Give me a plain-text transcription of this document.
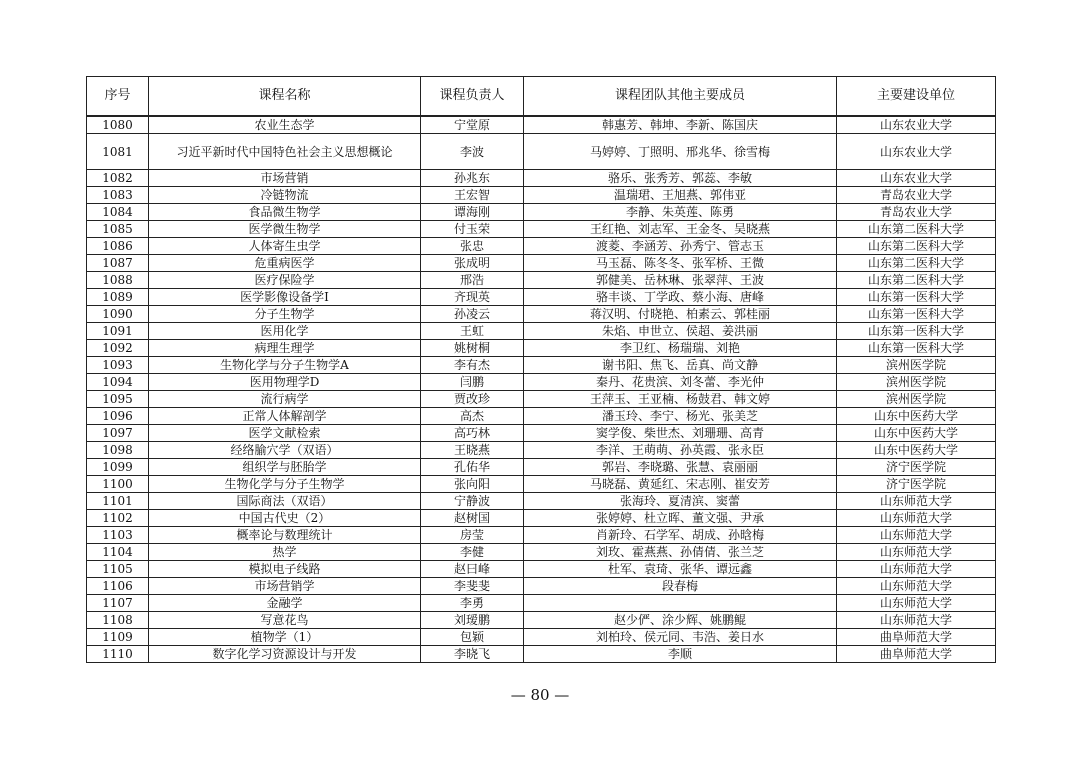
序号	课程名称	课程负责人	课程团队其他主要成员	主要建设单位
1080	农业生态学	宁堂原	韩惠芳、韩坤、李新、陈国庆	山东农业大学
1081	习近平新时代中国特色社会主义思想概论	李波	马婷婷、丁照明、邢兆华、徐雪梅	山东农业大学
1082	市场营销	孙兆东	骆乐、张秀芳、郭蕊、李敏	山东农业大学
1083	冷链物流	王宏智	温瑞珺、王旭燕、郭伟亚	青岛农业大学
1084	食品微生物学	谭海刚	李静、朱英莲、陈勇	青岛农业大学
1085	医学微生物学	付玉荣	王红艳、刘志军、王金冬、吴晓燕	山东第二医科大学
1086	人体寄生虫学	张忠	渡菱、李涵芳、孙秀宁、管志玉	山东第二医科大学
1087	危重病医学	张成明	马玉磊、陈冬冬、张军桥、王微	山东第二医科大学
1088	医疗保险学	邢浩	郭健美、岳林琳、张翠萍、王波	山东第二医科大学
1089	医学影像设备学I	齐现英	骆丰谈、丁学政、蔡小海、唐峰	山东第一医科大学
1090	分子生物学	孙凌云	蒋汉明、付晓艳、柏素云、郭桂丽	山东第一医科大学
1091	医用化学	王虹	朱焰、申世立、侯超、姜洪丽	山东第一医科大学
1092	病理生理学	姚树桐	李卫红、杨瑞瑞、刘艳	山东第一医科大学
1093	生物化学与分子生物学A	李有杰	谢书阳、焦飞、岳真、尚文静	滨州医学院
1094	医用物理学D	闫鹏	秦丹、花贵滨、刘冬蕾、李光仲	滨州医学院
1095	流行病学	贾改珍	王萍玉、王亚楠、杨鼓君、韩文婷	滨州医学院
1096	正常人体解剖学	高杰	潘玉玲、李宁、杨光、张美芝	山东中医药大学
1097	医学文献检索	高巧林	窦学俊、柴世杰、刘珊珊、高青	山东中医药大学
1098	经络腧穴学（双语）	王晓燕	李洋、王萌萌、孙英霞、张永臣	山东中医药大学
1099	组织学与胚胎学	孔佑华	郭岩、李晓璐、张慧、袁丽丽	济宁医学院
1100	生物化学与分子生物学	张向阳	马晓磊、黄延红、宋志刚、崔安芳	济宁医学院
1101	国际商法（双语）	宁静波	张海玲、夏清滨、窦蕾	山东师范大学
1102	中国古代史（2）	赵树国	张婷婷、杜立晖、董文强、尹承	山东师范大学
1103	概率论与数理统计	房莹	肖新玲、石学军、胡成、孙晗梅	山东师范大学
1104	热学	李健	刘玫、霍燕燕、孙倩倩、张兰芝	山东师范大学
1105	模拟电子线路	赵曰峰	杜军、袁琦、张华、谭远鑫	山东师范大学
1106	市场营销学	李斐斐	段春梅	山东师范大学
1107	金融学	李勇		山东师范大学
1108	写意花鸟	刘瑷鹏	赵少俨、涂少辉、姚鹏鲲	山东师范大学
1109	植物学（1）	包颖	刘柏玲、侯元同、韦浩、姜日水	曲阜师范大学
1110	数字化学习资源设计与开发	李晓飞	李顺	曲阜师范大学
— 80 —
